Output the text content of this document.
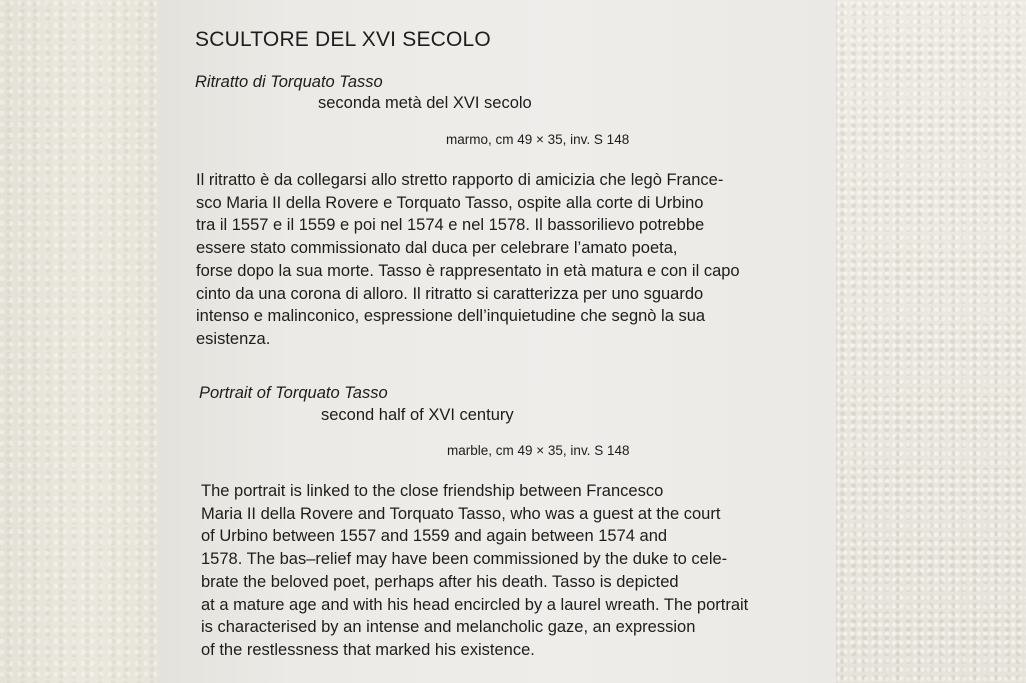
SCULTORE DEL XVI SECOLO
Ritratto di Torquato Tasso
seconda metà del XVI secolo
marmo, cm 49 × 35, inv. S 148
Il ritratto è da collegarsi allo stretto rapporto di amicizia che legò France-
sco Maria II della Rovere e Torquato Tasso, ospite alla corte di Urbino
tra il 1557 e il 1559 e poi nel 1574 e nel 1578. Il bassorilievo potrebbe
essere stato commissionato dal duca per celebrare l’amato poeta,
forse dopo la sua morte. Tasso è rappresentato in età matura e con il capo
cinto da una corona di alloro. Il ritratto si caratterizza per uno sguardo
intenso e malinconico, espressione dell’inquietudine che segnò la sua
esistenza.
Portrait of Torquato Tasso
second half of XVI century
marble, cm 49 × 35, inv. S 148
The portrait is linked to the close friendship between Francesco
Maria II della Rovere and Torquato Tasso, who was a guest at the court
of Urbino between 1557 and 1559 and again between 1574 and
1578. The bas–relief may have been commissioned by the duke to cele-
brate the beloved poet, perhaps after his death. Tasso is depicted
at a mature age and with his head encircled by a laurel wreath. The portrait
is characterised by an intense and melancholic gaze, an expression
of the restlessness that marked his existence.
